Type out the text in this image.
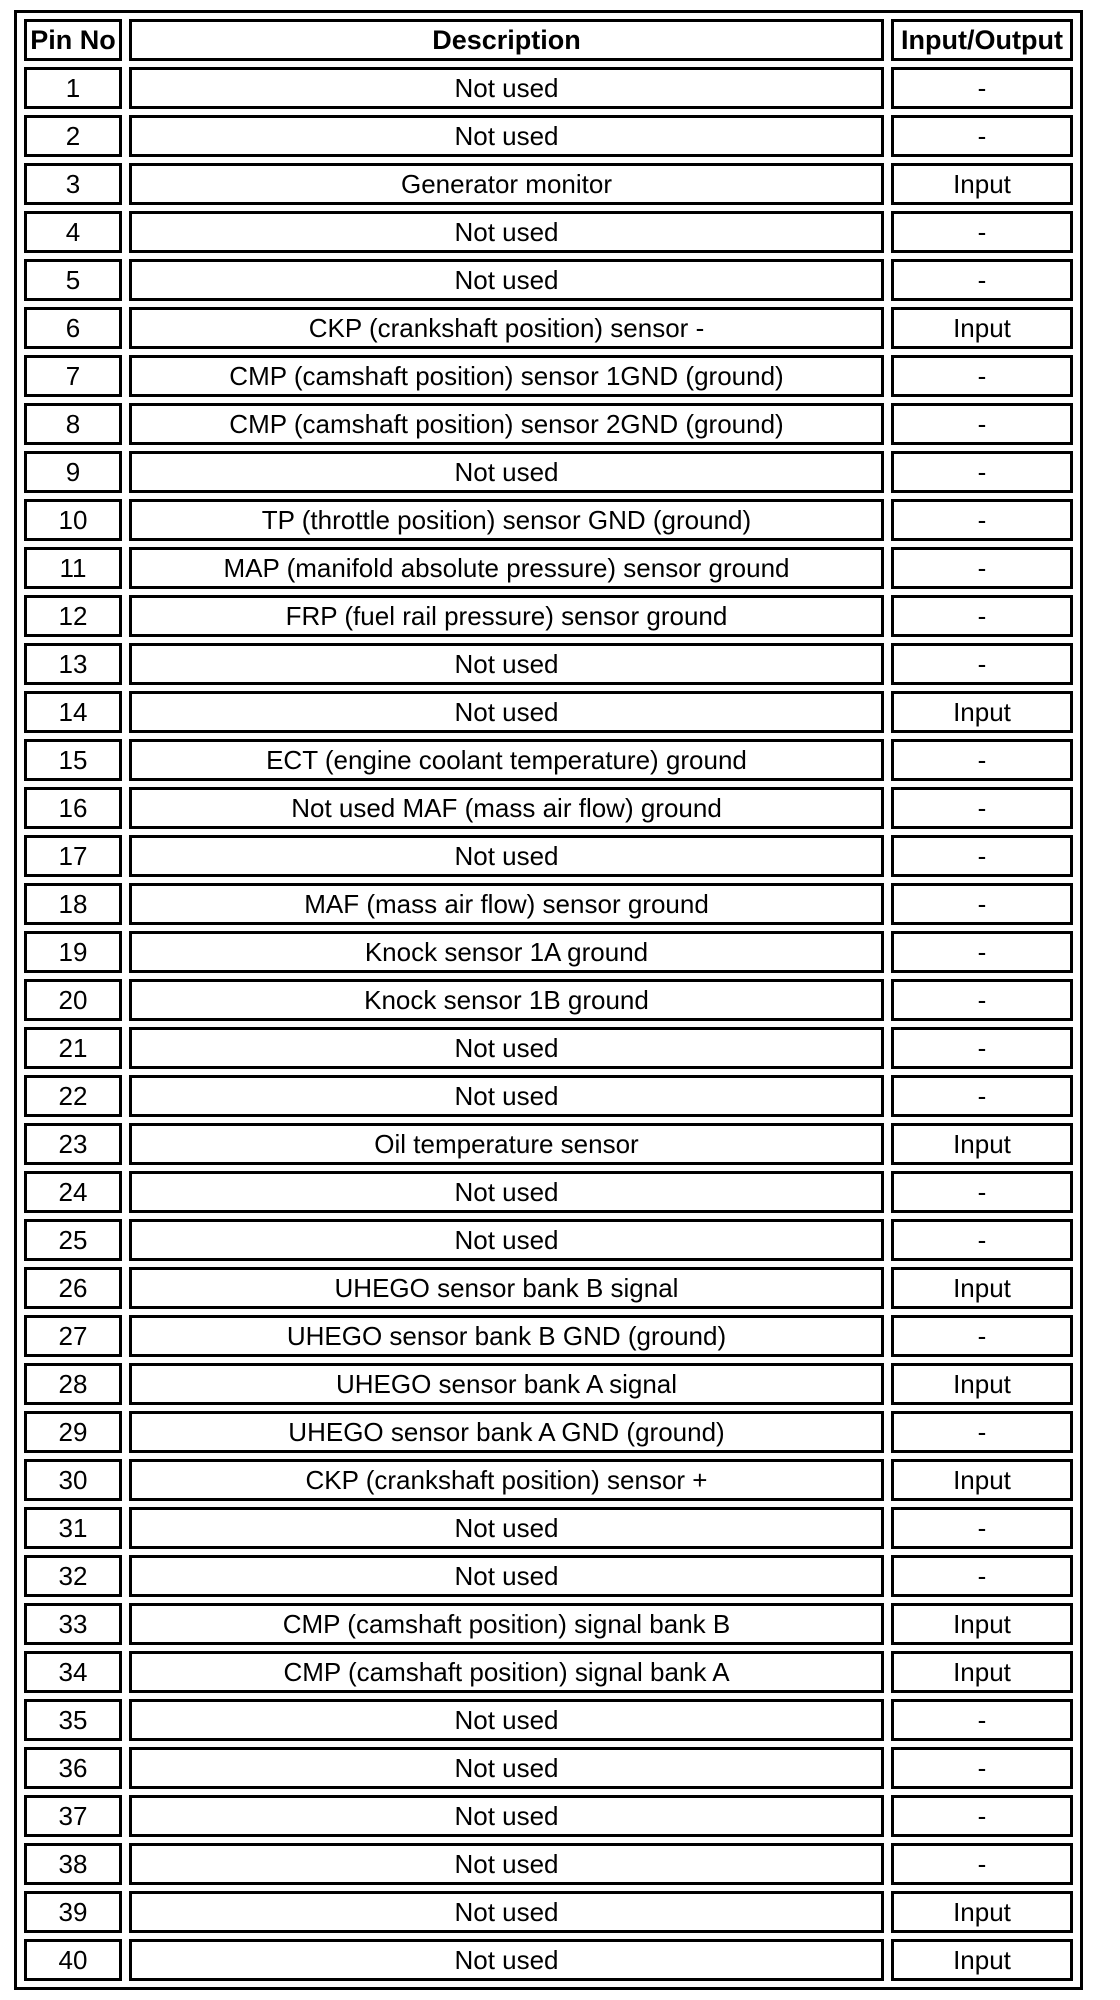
Pin No	Description	Input/Output
1	Not used	-
2	Not used	-
3	Generator monitor	Input
4	Not used	-
5	Not used	-
6	CKP (crankshaft position) sensor -	Input
7	CMP (camshaft position) sensor 1GND (ground)	-
8	CMP (camshaft position) sensor 2GND (ground)	-
9	Not used	-
10	TP (throttle position) sensor GND (ground)	-
11	MAP (manifold absolute pressure) sensor ground	-
12	FRP (fuel rail pressure) sensor ground	-
13	Not used	-
14	Not used	Input
15	ECT (engine coolant temperature) ground	-
16	Not used MAF (mass air flow) ground	-
17	Not used	-
18	MAF (mass air flow) sensor ground	-
19	Knock sensor 1A ground	-
20	Knock sensor 1B ground	-
21	Not used	-
22	Not used	-
23	Oil temperature sensor	Input
24	Not used	-
25	Not used	-
26	UHEGO sensor bank B signal	Input
27	UHEGO sensor bank B GND (ground)	-
28	UHEGO sensor bank A signal	Input
29	UHEGO sensor bank A GND (ground)	-
30	CKP (crankshaft position) sensor +	Input
31	Not used	-
32	Not used	-
33	CMP (camshaft position) signal bank B	Input
34	CMP (camshaft position) signal bank A	Input
35	Not used	-
36	Not used	-
37	Not used	-
38	Not used	-
39	Not used	Input
40	Not used	Input
